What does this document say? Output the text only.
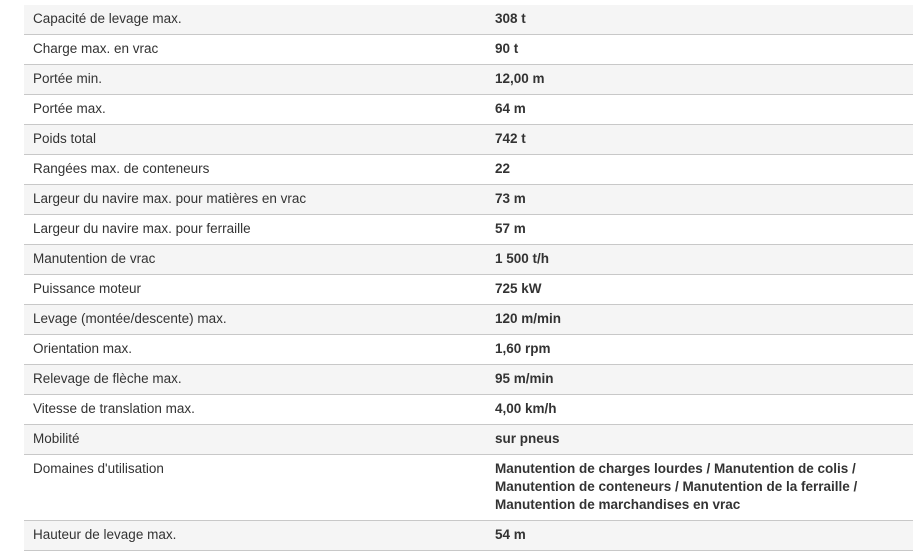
Capacité de levage max.	308 t
Charge max. en vrac	90 t
Portée min.	12,00 m
Portée max.	64 m
Poids total	742 t
Rangées max. de conteneurs	22
Largeur du navire max. pour matières en vrac	73 m
Largeur du navire max. pour ferraille	57 m
Manutention de vrac	1 500 t/h
Puissance moteur	725 kW
Levage (montée/descente) max.	120 m/min
Orientation max.	1,60 rpm
Relevage de flèche max.	95 m/min
Vitesse de translation max.	4,00 km/h
Mobilité	sur pneus
Domaines d'utilisation	Manutention de charges lourdes / Manutention de colis / Manutention de conteneurs / Manutention de la ferraille / Manutention de marchandises en vrac
Hauteur de levage max.	54 m
